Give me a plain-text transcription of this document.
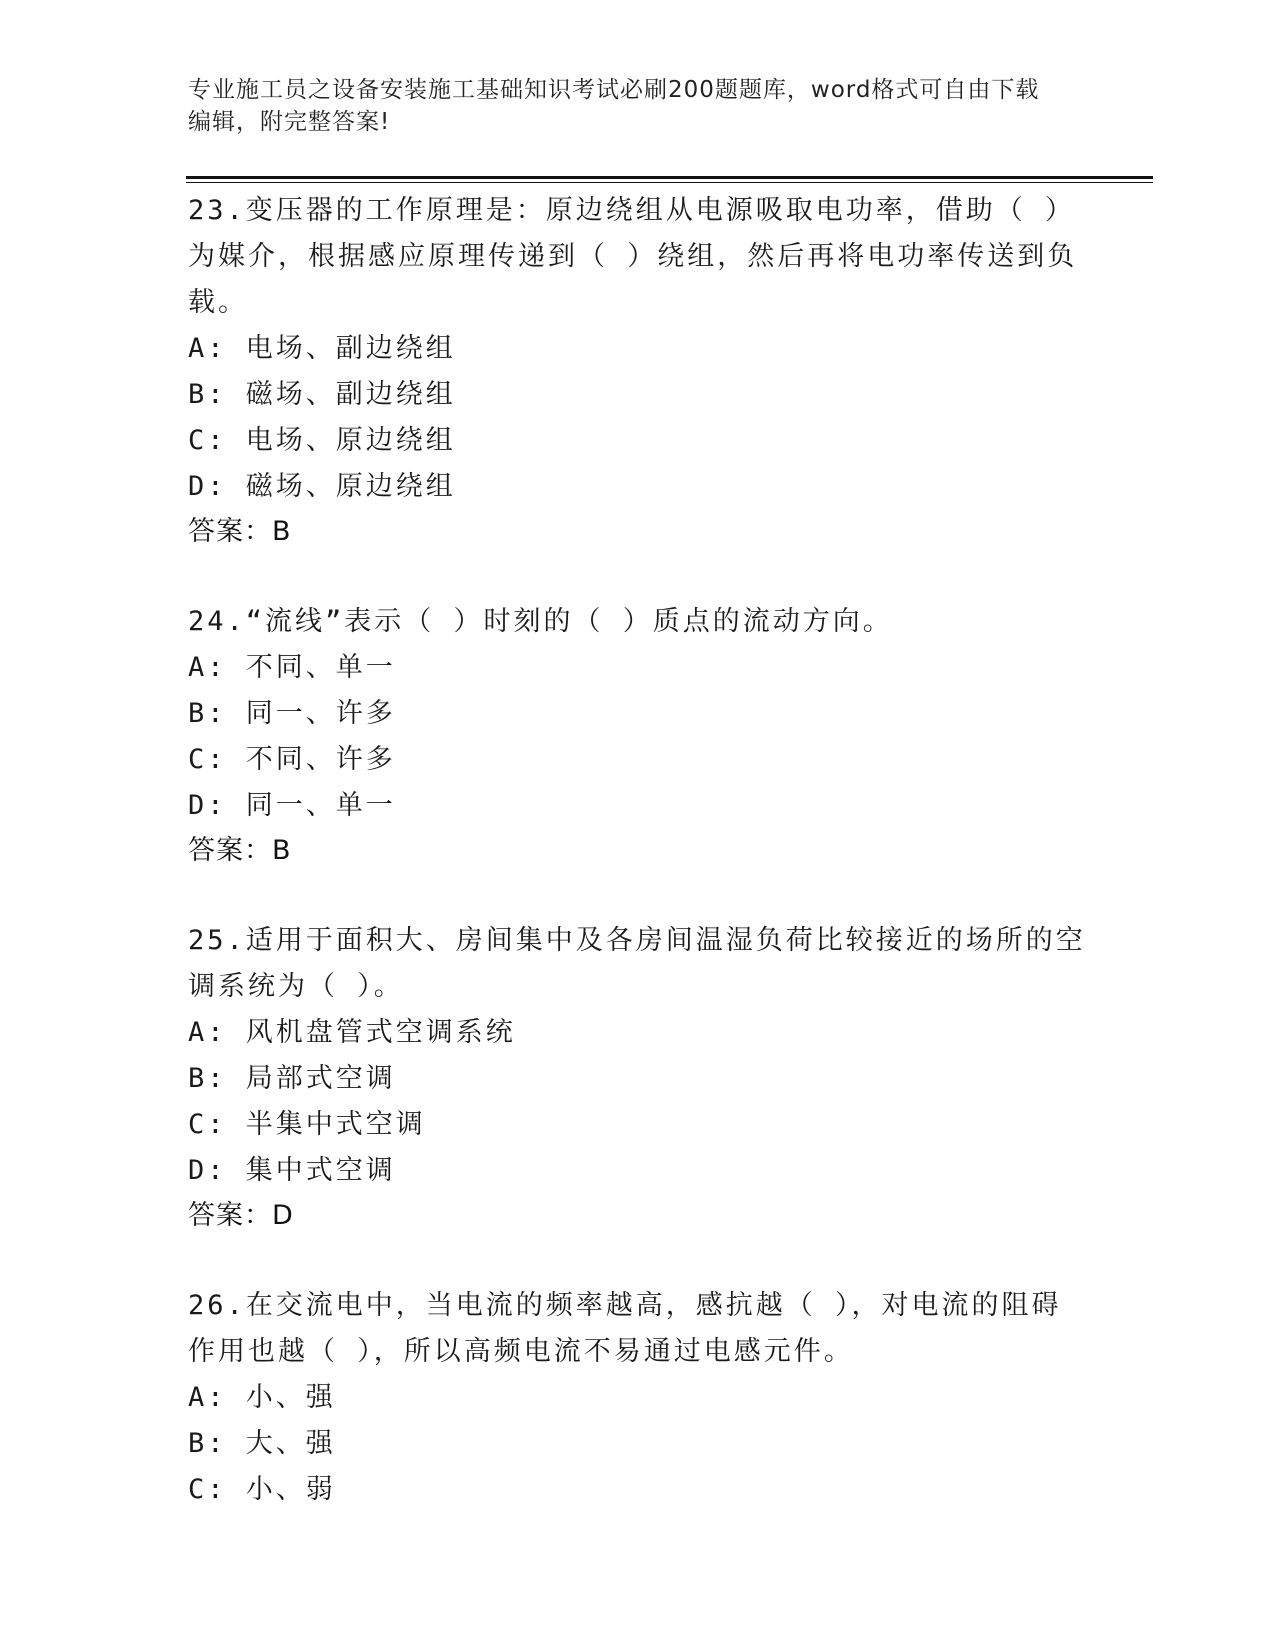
专业施工员之设备安装施工基础知识考试必刷200题题库，word格式可自由下载
编辑，附完整答案!
23.变压器的工作原理是：原边绕组从电源吸取电功率，借助（ ）为媒介，根据感应原理传递到（ ）绕组，然后再将电功率传送到负载。
A: 电场、副边绕组
B: 磁场、副边绕组
C: 电场、原边绕组
D: 磁场、原边绕组
答案：B
24.“流线”表示（ ）时刻的（ ）质点的流动方向。
A: 不同、单一
B: 同一、许多
C: 不同、许多
D: 同一、单一
答案：B
25.适用于面积大、房间集中及各房间温湿负荷比较接近的场所的空调系统为（ ）。
A: 风机盘管式空调系统
B: 局部式空调
C: 半集中式空调
D: 集中式空调
答案：D
26.在交流电中，当电流的频率越高，感抗越（ ），对电流的阻碍作用也越（ ），所以高频电流不易通过电感元件。
A: 小、强
B: 大、强
C: 小、弱
